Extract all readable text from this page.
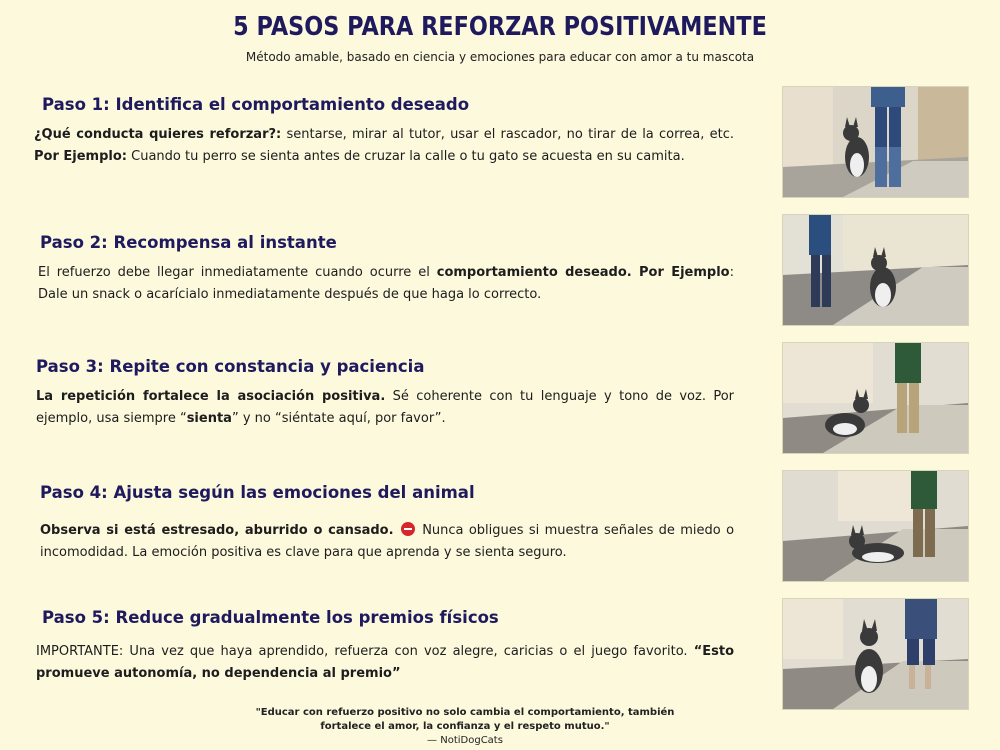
5 PASOS PARA REFORZAR POSITIVAMENTE
Método amable, basado en ciencia y emociones para educar con amor a tu mascota
Paso 1: Identifica el comportamiento deseado

¿Qué conducta quieres reforzar?: sentarse, mirar al tutor, usar el rascador, no tirar de la correa, etc. Por Ejemplo: Cuando tu perro se sienta antes de cruzar la calle o tu gato se acuesta en su camita.

Paso 2: Recompensa al instante

El refuerzo debe llegar inmediatamente cuando ocurre el comportamiento deseado. Por Ejemplo: Dale un snack o acarícialo inmediatamente después de que haga lo correcto.

Paso 3: Repite con constancia y paciencia

La repetición fortalece la asociación positiva. Sé coherente con tu lenguaje y tono de voz. Por ejemplo, usa siempre “sienta” y no “siéntate aquí, por favor”.

Paso 4: Ajusta según las emociones del animal

Observa si está estresado, aburrido o cansado.  Nunca obligues si muestra señales de miedo o incomodidad. La emoción positiva es clave para que aprenda y se sienta seguro.

Paso 5: Reduce gradualmente los premios físicos

IMPORTANTE: Una vez que haya aprendido, refuerza con voz alegre, caricias o el juego favorito. “Esto promueve autonomía, no dependencia al premio”

"Educar con refuerzo positivo no solo cambia el comportamiento, también fortalece el amor, la confianza y el respeto mutuo."
— NotiDogCats
